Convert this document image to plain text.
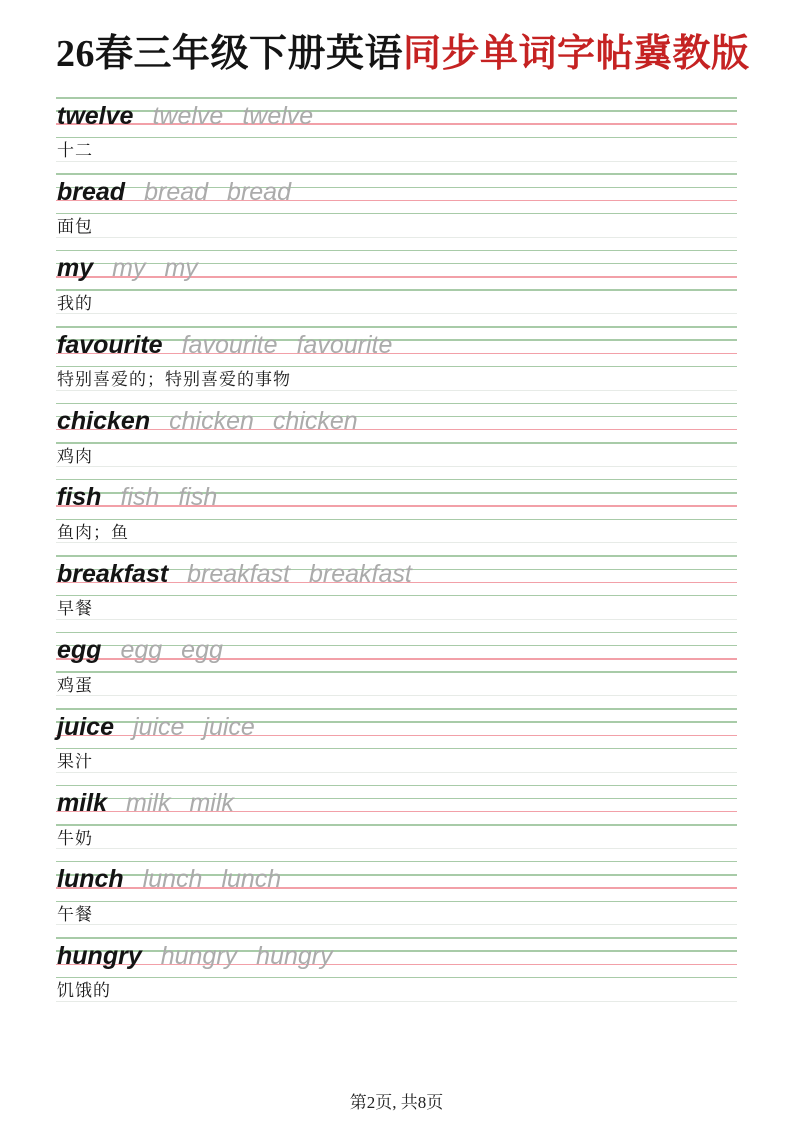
26春三年级下册英语同步单词字帖冀教版
twelve twelve twelve
十二
bread bread bread
面包
my my my
我的
favourite favourite favourite
特别喜爱的；特别喜爱的事物
chicken chicken chicken
鸡肉
fish fish fish
鱼肉；鱼
breakfast breakfast breakfast
早餐
egg egg egg
鸡蛋
juice juice juice
果汁
milk milk milk
牛奶
lunch lunch lunch
午餐
hungry hungry hungry
饥饿的
第2页, 共8页
